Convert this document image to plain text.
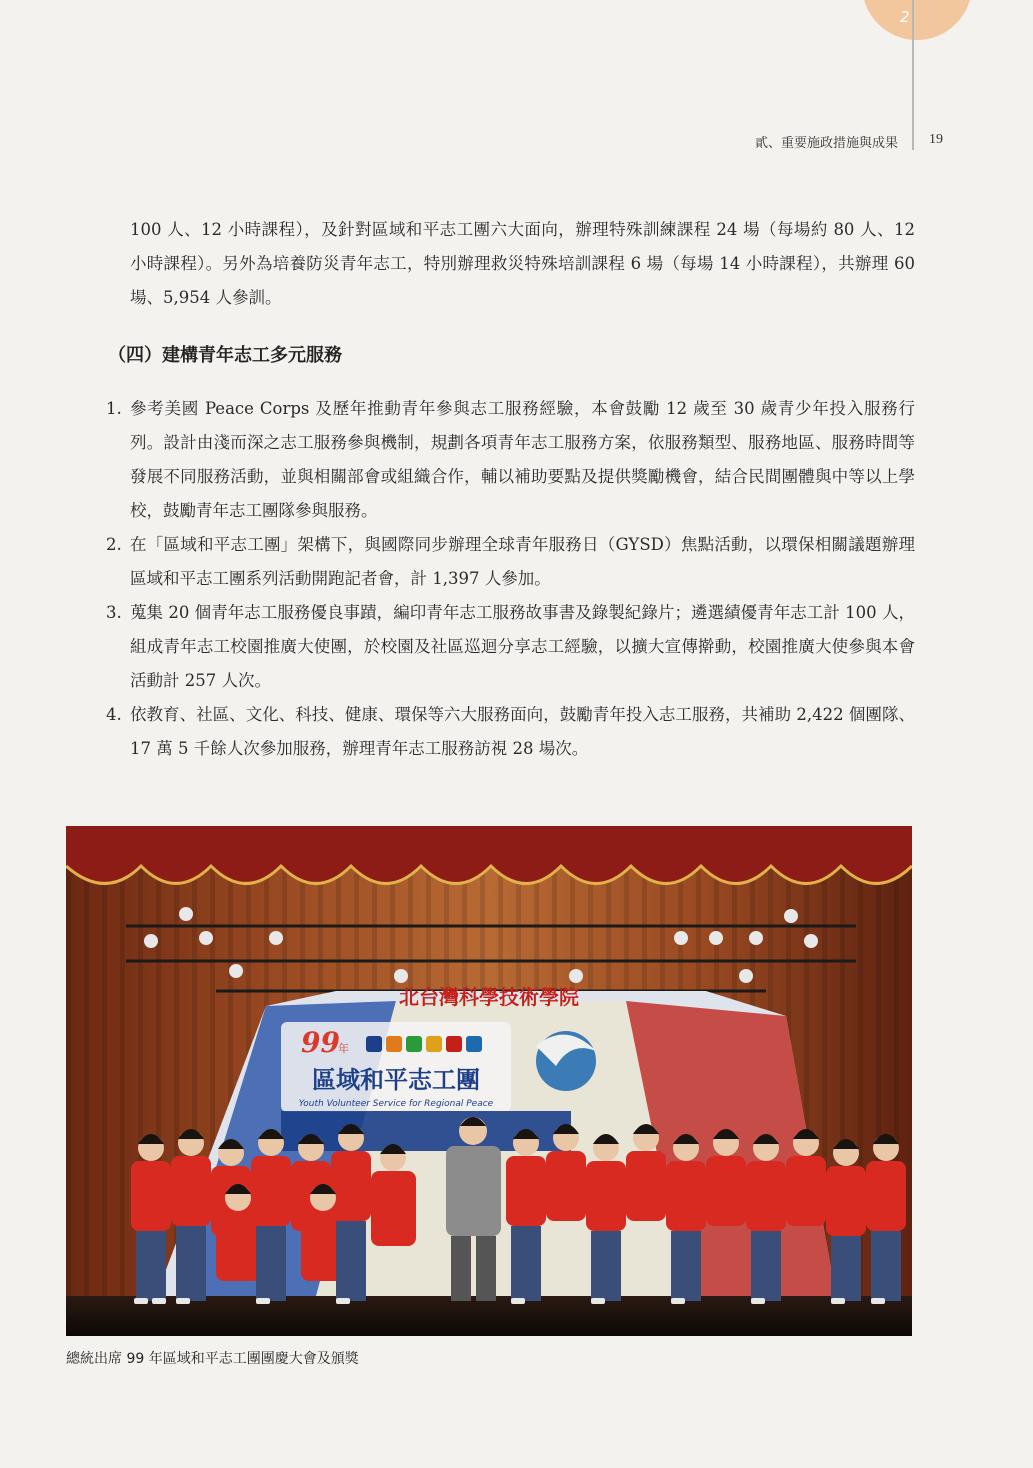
2
貳、重要施政措施與成果 19
100 人、12 小時課程），及針對區域和平志工團六大面向，辦理特殊訓練課程 24 場（每場約 80 人、12 小時課程）。另外為培養防災青年志工，特別辦理救災特殊培訓課程 6 場（每場 14 小時課程），共辦理 60 場、5,954 人參訓。
（四）建構青年志工多元服務
1. 參考美國 Peace Corps 及歷年推動青年參與志工服務經驗，本會鼓勵 12 歲至 30 歲青少年投入服務行列。設計由淺而深之志工服務參與機制，規劃各項青年志工服務方案，依服務類型、服務地區、服務時間等發展不同服務活動，並與相關部會或組織合作，輔以補助要點及提供獎勵機會，結合民間團體與中等以上學校，鼓勵青年志工團隊參與服務。
2. 在「區域和平志工團」架構下，與國際同步辦理全球青年服務日（GYSD）焦點活動，以環保相關議題辦理區域和平志工團系列活動開跑記者會，計 1,397 人參加。
3. 蒐集 20 個青年志工服務優良事蹟，編印青年志工服務故事書及錄製紀錄片；遴選績優青年志工計 100 人，組成青年志工校園推廣大使團，於校園及社區巡迴分享志工經驗，以擴大宣傳擀動，校園推廣大使參與本會活動計 257 人次。
4. 依教育、社區、文化、科技、健康、環保等六大服務面向，鼓勵青年投入志工服務，共補助 2,422 個團隊、17 萬 5 千餘人次參加服務，辦理青年志工服務訪視 28 場次。
北台灣科學技術學院
99
年
區域和平志工團
Youth Volunteer Service for Regional Peace
總統出席 99 年區域和平志工團團慶大會及頒獎
